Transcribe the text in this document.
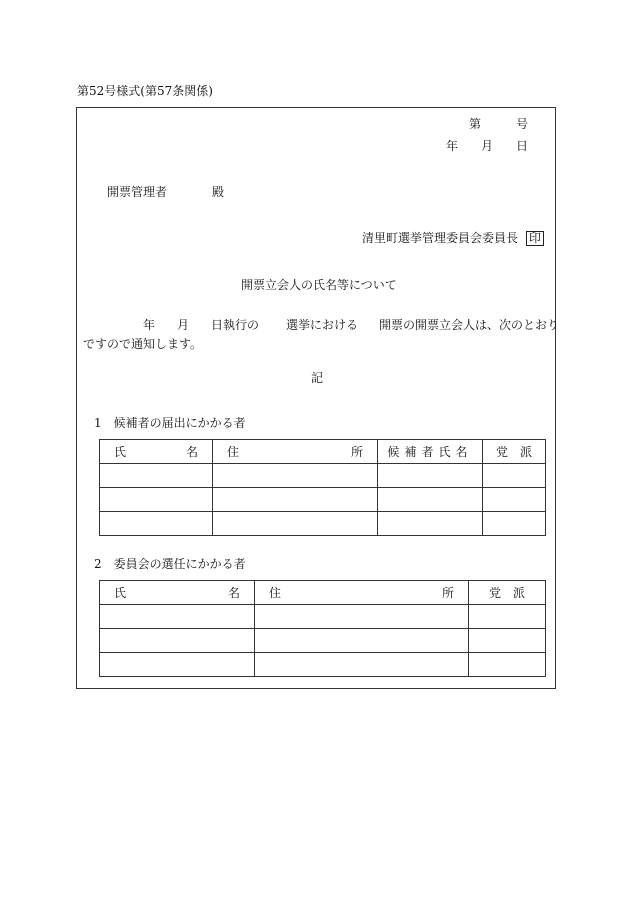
第52号様式(第57条関係)
第	号
年 月 日
開票管理者	殿
清里町選挙管理委員会委員長 印
開票立会人の氏名等について
年 月 日執行の 選挙における 開票の開票立会人は、次のとおり
ですので通知します。
記
1　候補者の届出にかかる者
氏 名	住 所	候補者氏名	党　派

2　委員会の選任にかかる者
氏 名	住 所	党　派
